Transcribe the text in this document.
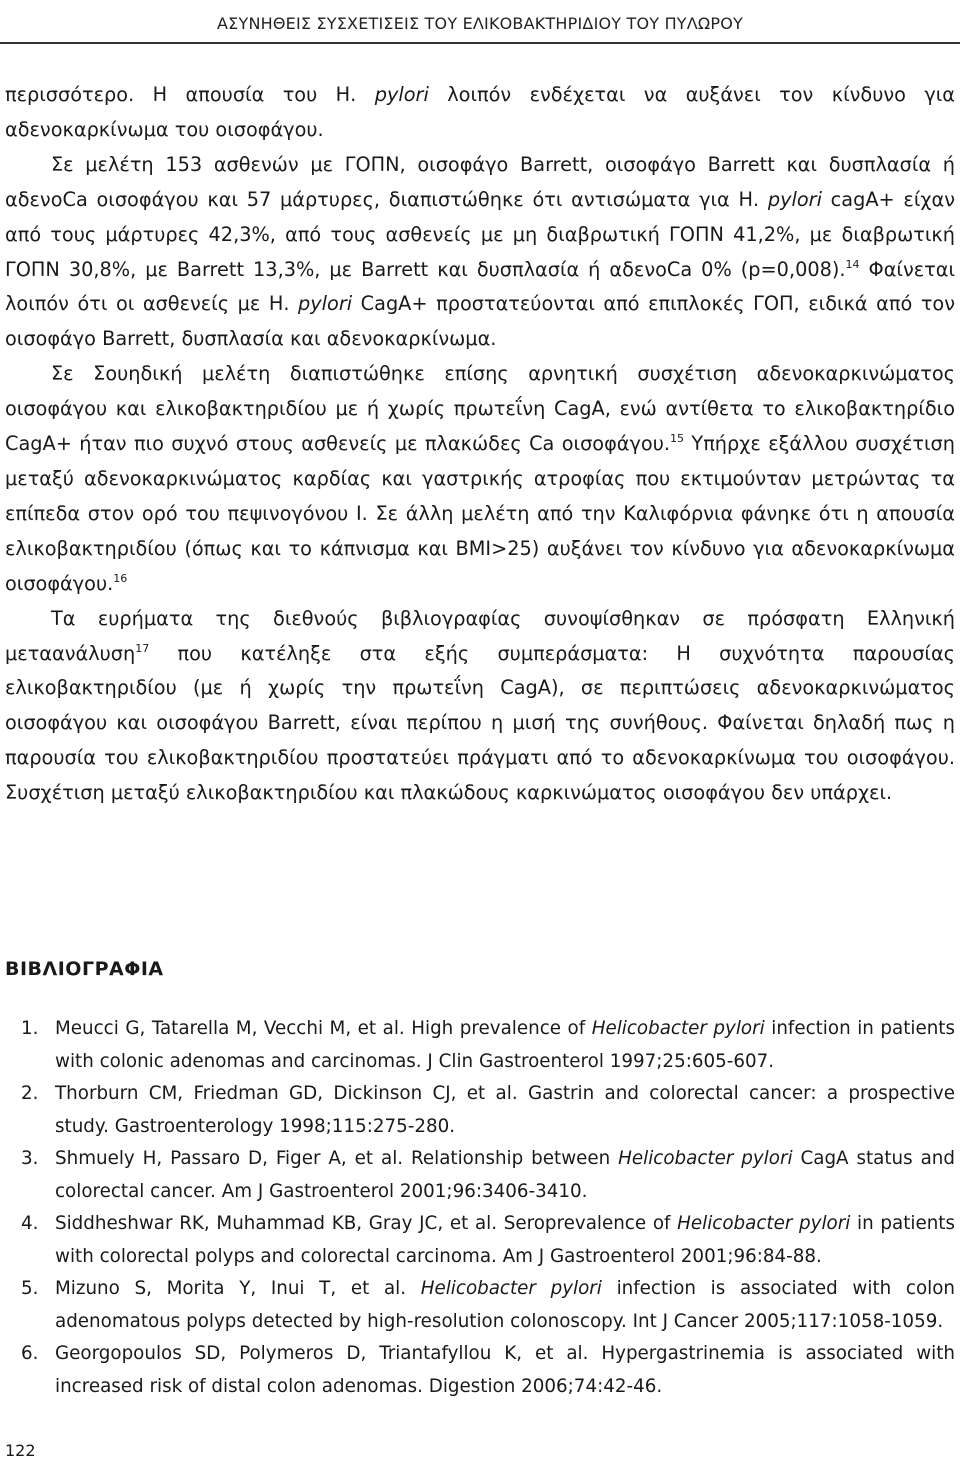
ΑΣΥΝΗΘΕΙΣ ΣΥΣΧΕΤΙΣΕΙΣ ΤΟΥ ΕΛΙΚΟΒΑΚΤΗΡΙΔΙΟΥ ΤΟΥ ΠΥΛΩΡΟΥ

περισσότερο. Η απουσία του Η. pylori λοιπόν ενδέχεται να αυξάνει τον κίνδυνο για αδενοκαρκίνωμα του οισοφάγου.

Σε μελέτη 153 ασθενών με ΓΟΠΝ, οισοφάγο Barrett, οισοφάγο Barrett και δυσπλασία ή αδενοCa οισοφάγου και 57 μάρτυρες, διαπιστώθηκε ότι αντισώματα για Η. pylori cagA+ είχαν από τους μάρτυρες 42,3%, από τους ασθενείς με μη διαβρωτική ΓΟΠΝ 41,2%, με διαβρωτική ΓΟΠΝ 30,8%, με Barrett 13,3%, με Barrett και δυσπλασία ή αδενοCa 0% (p=0,008).$^{14}$ Φαίνεται λοιπόν ότι οι ασθενείς με Η. pylori CagA+ προστατεύονται από επιπλοκές ΓΟΠ, ειδικά από τον οισοφάγο Barrett, δυσπλασία και αδενοκαρκίνωμα.

Σε Σουηδική μελέτη διαπιστώθηκε επίσης αρνητική συσχέτιση αδενοκαρκινώματος οισοφάγου και ελικοβακτηριδίου με ή χωρίς πρωτεΐνη CagA, ενώ αντίθετα το ελικοβακτηρίδιο CagA+ ήταν πιο συχνό στους ασθενείς με πλακώδες Ca οισοφάγου.$^{15}$ Υπήρχε εξάλλου συσχέτιση μεταξύ αδενοκαρκινώματος καρδίας και γαστρικής ατροφίας που εκτιμούνταν μετρώντας τα επίπεδα στον ορό του πεψινογόνου Ι. Σε άλλη μελέτη από την Καλιφόρνια φάνηκε ότι η απουσία ελικοβακτηριδίου (όπως και το κάπνισμα και BMI>25) αυξάνει τον κίνδυνο για αδενοκαρκίνωμα οισοφάγου.$^{16}$

Τα ευρήματα της διεθνούς βιβλιογραφίας συνοψίσθηκαν σε πρόσφατη Ελληνική μεταανάλυση$^{17}$ που κατέληξε στα εξής συμπεράσματα: Η συχνότητα παρουσίας ελικοβακτηριδίου (με ή χωρίς την πρωτεΐνη CagA), σε περιπτώσεις αδενοκαρκινώματος οισοφάγου και οισοφάγου Barrett, είναι περίπου η μισή της συνήθους. Φαίνεται δηλαδή πως η παρουσία του ελικοβακτηριδίου προστατεύει πράγματι από το αδενοκαρκίνωμα του οισοφάγου. Συσχέτιση μεταξύ ελικοβακτηριδίου και πλακώδους καρκινώματος οισοφάγου δεν υπάρχει.

ΒΙΒΛΙΟΓΡΑΦΙΑ
1. Meucci G, Tatarella M, Vecchi M, et al. High prevalence of Helicobacter pylori infection in patients with colonic adenomas and carcinomas. J Clin Gastroenterol 1997;25:605-607.
2. Thorburn CM, Friedman GD, Dickinson CJ, et al. Gastrin and colorectal cancer: a prospective study. Gastroenterology 1998;115:275-280.
3. Shmuely H, Passaro D, Figer A, et al. Relationship between Helicobacter pylori CagA status and colorectal cancer. Am J Gastroenterol 2001;96:3406-3410.
4. Siddheshwar RK, Muhammad KB, Gray JC, et al. Seroprevalence of Helicobacter pylori in patients with colorectal polyps and colorectal carcinoma. Am J Gastroenterol 2001;96:84-88.
5. Mizuno S, Morita Y, Inui T, et al. Helicobacter pylori infection is associated with colon adenomatous polyps detected by high-resolution colonoscopy. Int J Cancer 2005;117:1058-1059.
6. Georgopoulos SD, Polymeros D, Triantafyllou K, et al. Hypergastrinemia is associated with increased risk of distal colon adenomas. Digestion 2006;74:42-46.
122
